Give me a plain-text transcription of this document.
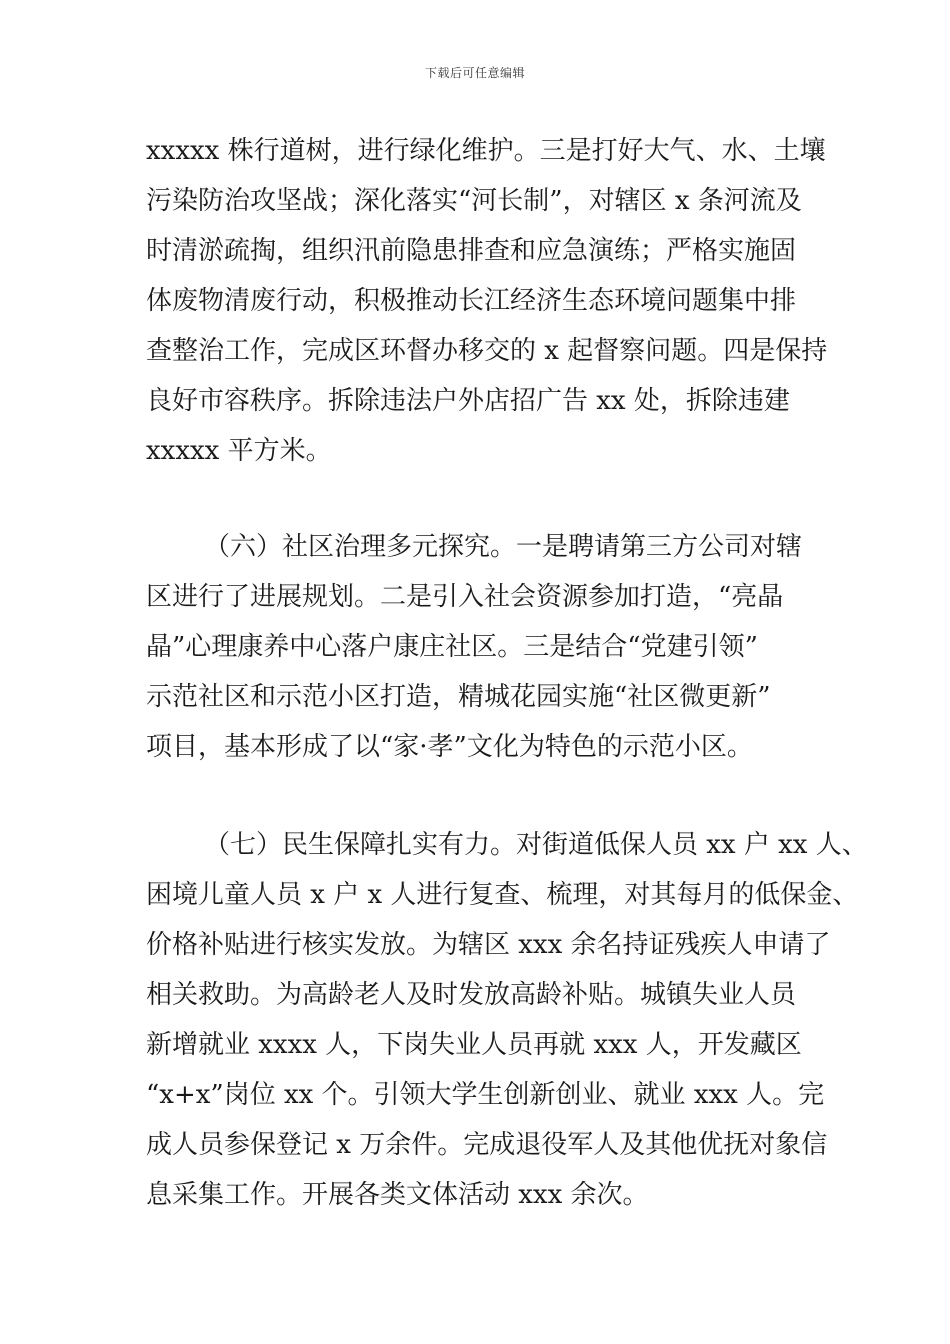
下载后可任意编辑
xxxxx 株行道树，进行绿化维护。三是打好大气、水、土壤
污染防治攻坚战；深化落实“河长制”，对辖区 x 条河流及
时清淤疏掏，组织汛前隐患排查和应急演练；严格实施固
体废物清废行动，积极推动长江经济生态环境问题集中排
查整治工作，完成区环督办移交的 x 起督察问题。四是保持
良好市容秩序。拆除违法户外店招广告 xx 处，拆除违建
xxxxx 平方米。
（六）社区治理多元探究。一是聘请第三方公司对辖
区进行了进展规划。二是引入社会资源参加打造，“亮晶
晶”心理康养中心落户康庄社区。三是结合“党建引领”
示范社区和示范小区打造，精城花园实施“社区微更新”
项目，基本形成了以“家·孝”文化为特色的示范小区。
（七）民生保障扎实有力。对街道低保人员 xx 户 xx 人、
困境儿童人员 x 户 x 人进行复查、梳理，对其每月的低保金、
价格补贴进行核实发放。为辖区 xxx 余名持证残疾人申请了
相关救助。为高龄老人及时发放高龄补贴。城镇失业人员
新增就业 xxxx 人，下岗失业人员再就 xxx 人，开发藏区
“x+x”岗位 xx 个。引领大学生创新创业、就业 xxx 人。完
成人员参保登记 x 万余件。完成退役军人及其他优抚对象信
息采集工作。开展各类文体活动 xxx 余次。
